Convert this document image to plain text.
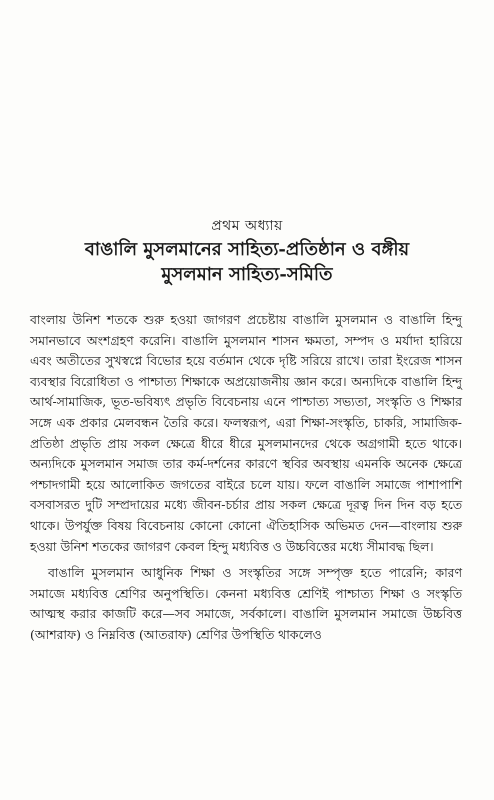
প্রথম অধ্যায়
বাঙালি মুসলমানের সাহিত্য-প্রতিষ্ঠান ও বঙ্গীয়
মুসলমান সাহিত্য-সমিতি

বাংলায় উনিশ শতকে শুরু হওয়া জাগরণ প্রচেষ্টায় বাঙালি মুসলমান ও বাঙালি হিন্দু সমানভাবে অংশগ্রহণ করেনি। বাঙালি মুসলমান শাসন ক্ষমতা, সম্পদ ও মর্যাদা হারিয়ে এবং অতীতের সুখস্বপ্নে বিভোর হয়ে বর্তমান থেকে দৃষ্টি সরিয়ে রাখে। তারা ইংরেজ শাসন ব্যবস্থার বিরোধিতা ও পাশ্চাত্য শিক্ষাকে অপ্রয়োজনীয় জ্ঞান করে। অন্যদিকে বাঙালি হিন্দু আর্থ-সামাজিক, ভূত-ভবিষ্যৎ প্রভৃতি বিবেচনায় এনে পাশ্চাত্য সভ্যতা, সংস্কৃতি ও শিক্ষার সঙ্গে এক প্রকার মেলবন্ধন তৈরি করে। ফলস্বরূপ, এরা শিক্ষা-সংস্কৃতি, চাকরি, সামাজিক-প্রতিষ্ঠা প্রভৃতি প্রায় সকল ক্ষেত্রে ধীরে ধীরে মুসলমানদের থেকে অগ্রগামী হতে থাকে। অন্যদিকে মুসলমান সমাজ তার কর্ম-দর্শনের কারণে স্থবির অবস্থায় এমনকি অনেক ক্ষেত্রে পশ্চাদগামী হয়ে আলোকিত জগতের বাইরে চলে যায়। ফলে বাঙালি সমাজে পাশাপাশি বসবাসরত দুটি সম্প্রদায়ের মধ্যে জীবন-চর্চার প্রায় সকল ক্ষেত্রে দূরত্ব দিন দিন বড় হতে থাকে। উপর্যুক্ত বিষয় বিবেচনায় কোনো কোনো ঐতিহাসিক অভিমত দেন—বাংলায় শুরু হওয়া উনিশ শতকের জাগরণ কেবল হিন্দু মধ্যবিত্ত ও উচ্চবিত্তের মধ্যে সীমাবদ্ধ ছিল।

বাঙালি মুসলমান আধুনিক শিক্ষা ও সংস্কৃতির সঙ্গে সম্পৃক্ত হতে পারেনি; কারণ সমাজে মধ্যবিত্ত শ্রেণির অনুপস্থিতি। কেননা মধ্যবিত্ত শ্রেণিই পাশ্চাত্য শিক্ষা ও সংস্কৃতি আত্মস্থ করার কাজটি করে—সব সমাজে, সর্বকালে। বাঙালি মুসলমান সমাজে উচ্চবিত্ত (আশরাফ) ও নিম্নবিত্ত (আতরাফ) শ্রেণির উপস্থিতি থাকলেও
